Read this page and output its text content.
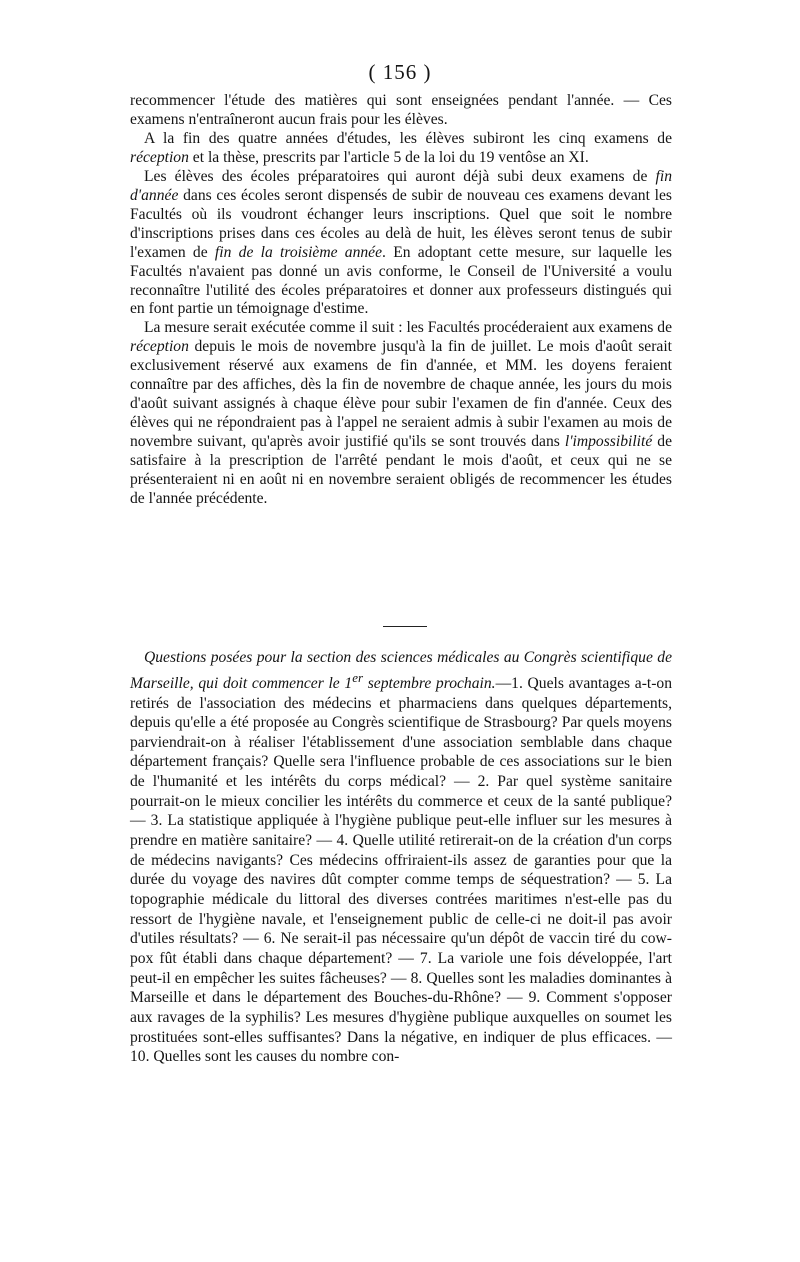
( 156 )

recommencer l'étude des matières qui sont enseignées pendant l'année. — Ces examens n'entraîneront aucun frais pour les élèves.

A la fin des quatre années d'études, les élèves subiront les cinq examens de réception et la thèse, prescrits par l'article 5 de la loi du 19 ventôse an XI.

Les élèves des écoles préparatoires qui auront déjà subi deux examens de fin d'année dans ces écoles seront dispensés de subir de nouveau ces examens devant les Facultés où ils voudront échanger leurs inscriptions. Quel que soit le nombre d'inscriptions prises dans ces écoles au delà de huit, les élèves seront tenus de subir l'examen de fin de la troisième année. En adoptant cette mesure, sur laquelle les Facultés n'avaient pas donné un avis conforme, le Conseil de l'Université a voulu reconnaître l'utilité des écoles préparatoires et donner aux professeurs distingués qui en font partie un témoignage d'estime.

La mesure serait exécutée comme il suit : les Facultés procéderaient aux examens de réception depuis le mois de novembre jusqu'à la fin de juillet. Le mois d'août serait exclusivement réservé aux examens de fin d'année, et MM. les doyens feraient connaître par des affiches, dès la fin de novembre de chaque année, les jours du mois d'août suivant assignés à chaque élève pour subir l'examen de fin d'année. Ceux des élèves qui ne répondraient pas à l'appel ne seraient admis à subir l'examen au mois de novembre suivant, qu'après avoir justifié qu'ils se sont trouvés dans l'impossibilité de satisfaire à la prescription de l'arrêté pendant le mois d'août, et ceux qui ne se présenteraient ni en août ni en novembre seraient obligés de recommencer les études de l'année précédente.

Questions posées pour la section des sciences médicales au Congrès scientifique de Marseille, qui doit commencer le 1er septembre prochain.—1. Quels avantages a-t-on retirés de l'association des médecins et pharmaciens dans quelques départements, depuis qu'elle a été proposée au Congrès scientifique de Strasbourg? Par quels moyens parviendrait-on à réaliser l'établissement d'une association semblable dans chaque département français? Quelle sera l'influence probable de ces associations sur le bien de l'humanité et les intérêts du corps médical? — 2. Par quel système sanitaire pourrait-on le mieux concilier les intérêts du commerce et ceux de la santé publique? — 3. La statistique appliquée à l'hygiène publique peut-elle influer sur les mesures à prendre en matière sanitaire? — 4. Quelle utilité retirerait-on de la création d'un corps de médecins navigants? Ces médecins offriraient-ils assez de garanties pour que la durée du voyage des navires dût compter comme temps de séquestration? — 5. La topographie médicale du littoral des diverses contrées maritimes n'est-elle pas du ressort de l'hygiène navale, et l'enseignement public de celle-ci ne doit-il pas avoir d'utiles résultats? — 6. Ne serait-il pas nécessaire qu'un dépôt de vaccin tiré du cow-pox fût établi dans chaque département? — 7. La variole une fois développée, l'art peut-il en empêcher les suites fâcheuses? — 8. Quelles sont les maladies dominantes à Marseille et dans le département des Bouches-du-Rhône? — 9. Comment s'opposer aux ravages de la syphilis? Les mesures d'hygiène publique auxquelles on soumet les prostituées sont-elles suffisantes? Dans la négative, en indiquer de plus efficaces. — 10. Quelles sont les causes du nombre con-
